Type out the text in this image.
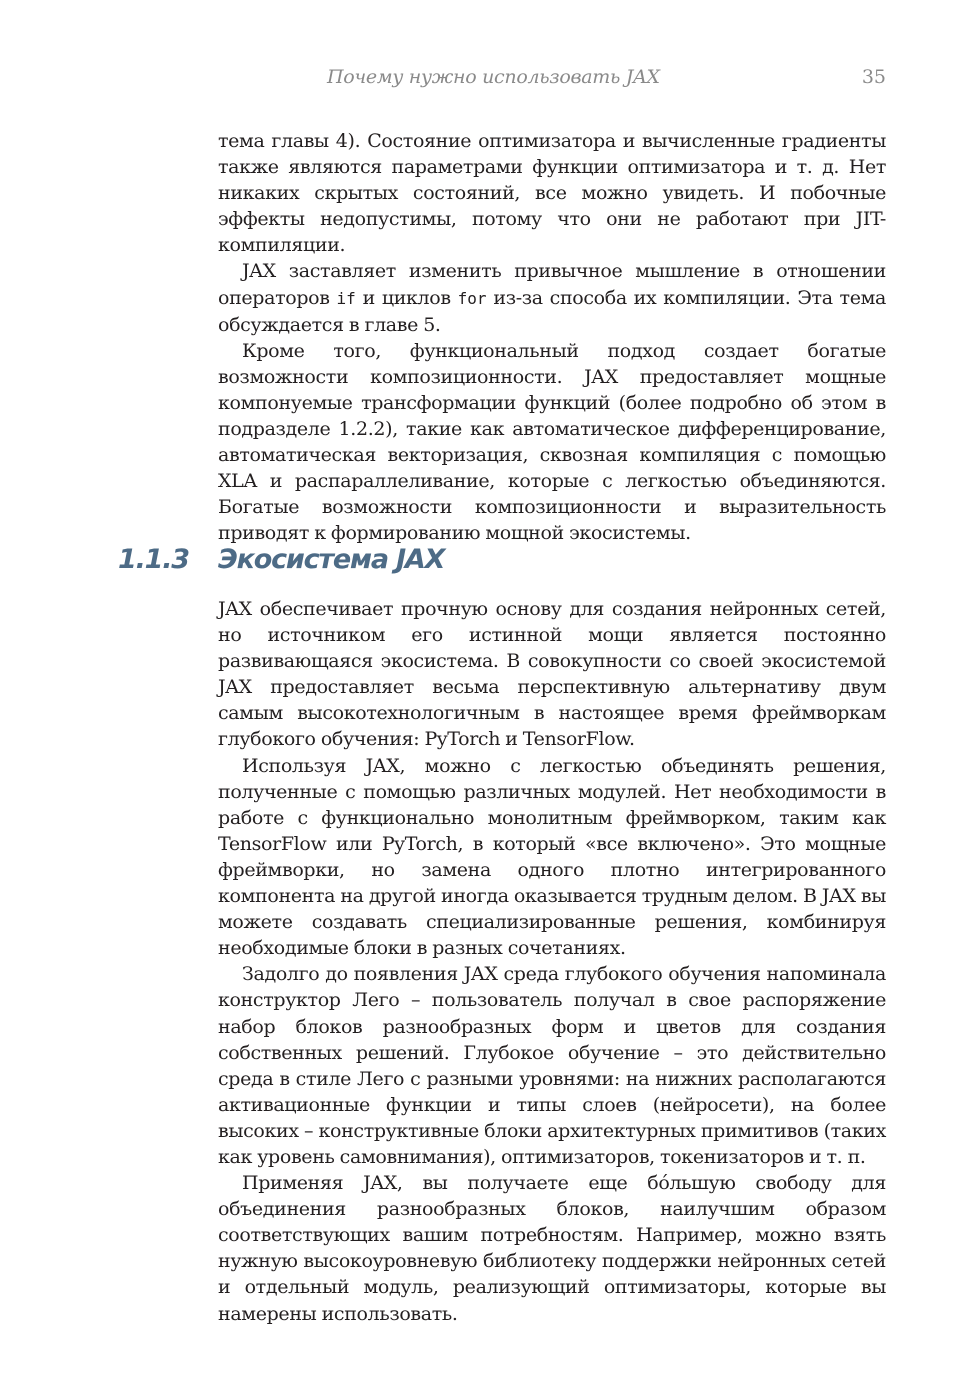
Почему нужно использовать JAX	35

тема главы 4). Состояние оптимизатора и вычисленные градиенты также являются параметрами функции оптимизатора и т. д. Нет никаких скрытых состояний, все можно увидеть. И побочные эффекты недопустимы, потому что они не работают при JIT-компиляции.

JAX заставляет изменить привычное мышление в отношении операторов if и циклов for из-за способа их компиляции. Эта тема обсуждается в главе 5.

Кроме того, функциональный подход создает богатые возможности композиционности. JAX предоставляет мощные компонуемые трансформации функций (более подробно об этом в подразделе 1.2.2), такие как автоматическое дифференцирование, автоматическая векторизация, сквозная компиляция с помощью XLA и распараллеливание, которые с легкостью объединяются. Богатые возможности композиционности и выразительность приводят к формированию мощной экосистемы.

1.1.3 Экосистема JAX

JAX обеспечивает прочную основу для создания нейронных сетей, но источником его истинной мощи является постоянно развивающаяся экосистема. В совокупности со своей экосистемой JAX предоставляет весьма перспективную альтернативу двум самым высокотехнологичным в настоящее время фреймворкам глубокого обучения: PyTorch и TensorFlow.

Используя JAX, можно с легкостью объединять решения, полученные с помощью различных модулей. Нет необходимости в работе с функционально монолитным фреймворком, таким как TensorFlow или PyTorch, в который «все включено». Это мощные фреймворки, но замена одного плотно интегрированного компонента на другой иногда оказывается трудным делом. В JAX вы можете создавать специализированные решения, комбинируя необходимые блоки в разных сочетаниях.

Задолго до появления JAX среда глубокого обучения напоминала конструктор Лего – пользователь получал в свое распоряжение набор блоков разнообразных форм и цветов для создания собственных решений. Глубокое обучение – это действительно среда в стиле Лего с разными уровнями: на нижних располагаются активационные функции и типы слоев (нейросети), на более высоких – конструктивные блоки архитектурных примитивов (таких как уровень самовнимания), оптимизаторов, токенизаторов и т. п.

Применяя JAX, вы получаете еще бóльшую свободу для объединения разнообразных блоков, наилучшим образом соответствующих вашим потребностям. Например, можно взять нужную высокоуровневую библиотеку поддержки нейронных сетей и отдельный модуль, реализующий оптимизаторы, которые вы намерены использовать.
